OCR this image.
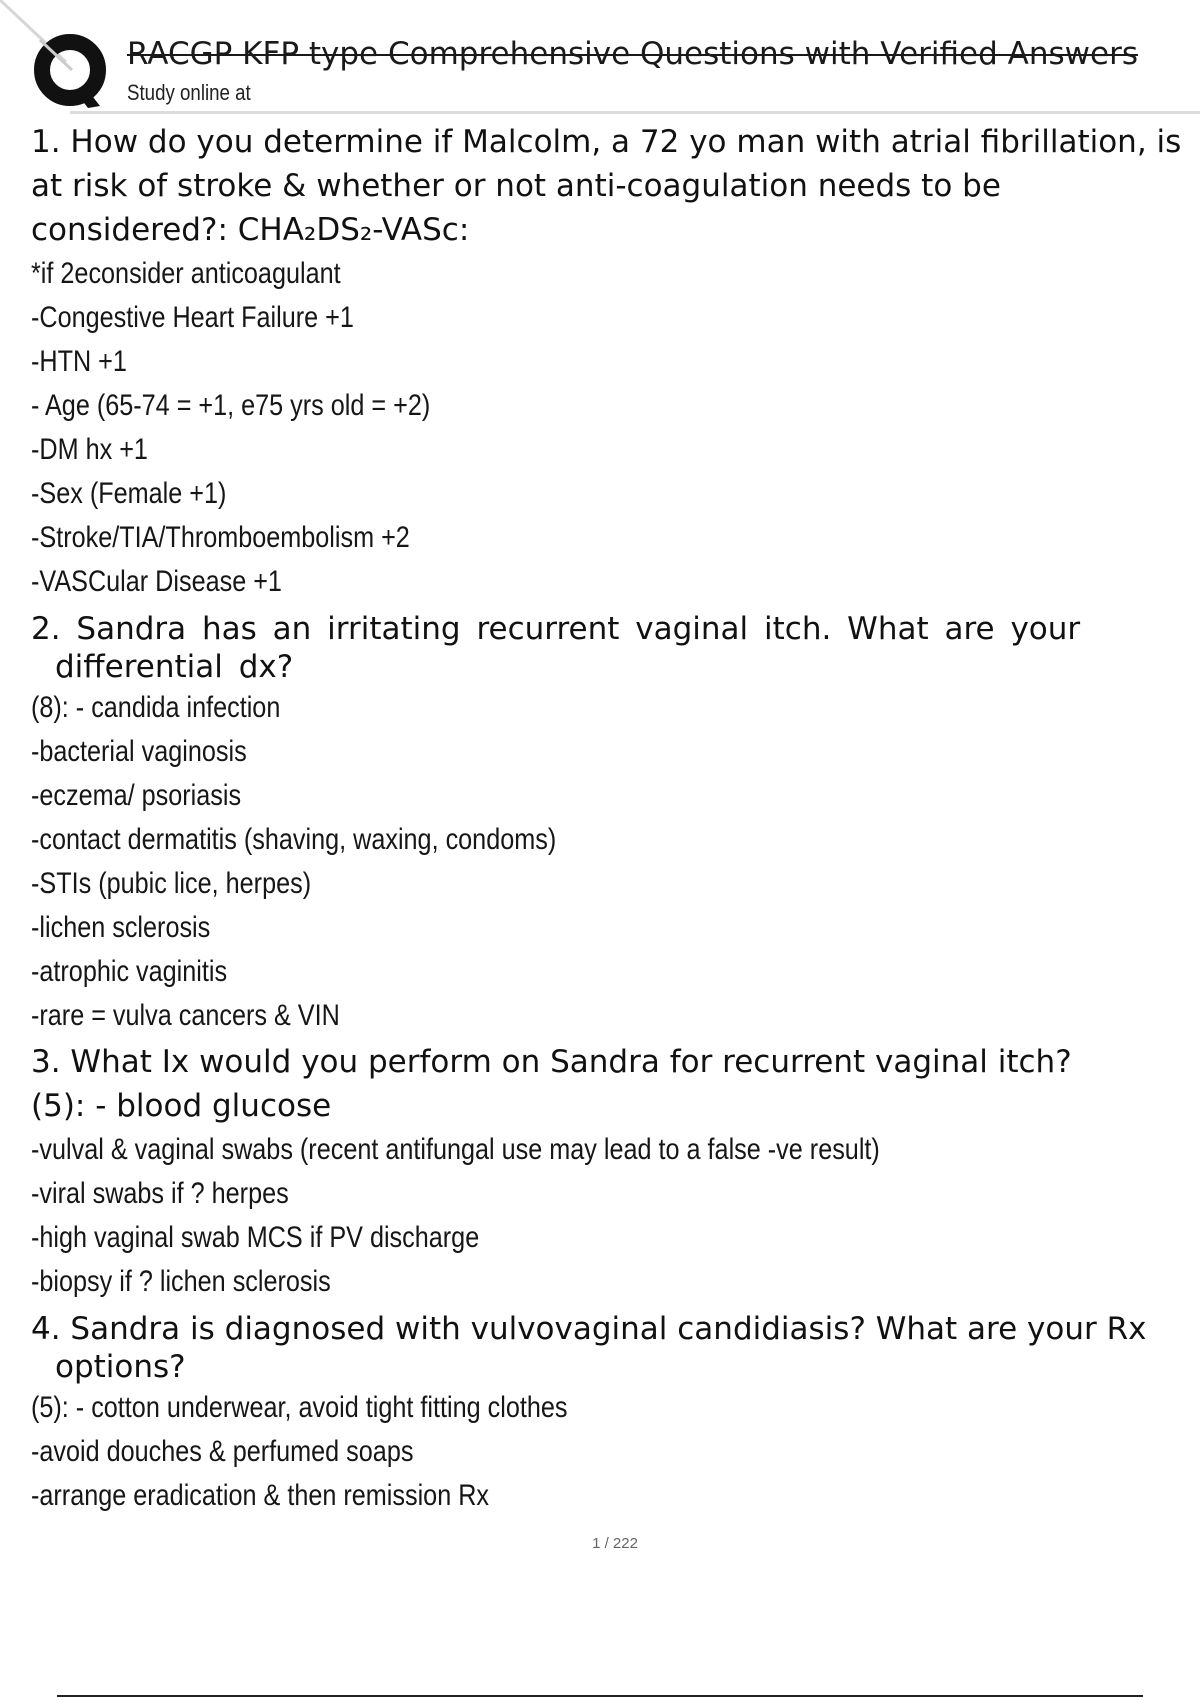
RACGP KFP type Comprehensive Questions with Verified Answers
Study online at
1. How do you determine if Malcolm, a 72 yo man with atrial fibrillation, is at risk of stroke & whether or not anti-coagulation needs to be considered?: CHA₂DS₂-VASc:
*if 2econsider anticoagulant
-Congestive Heart Failure +1
-HTN +1
- Age (65-74 = +1, e75 yrs old = +2)
-DM hx +1
-Sex (Female +1)
-Stroke/TIA/Thromboembolism +2
-VASCular Disease +1
2. Sandra has an irritating recurrent vaginal itch. What are your differential dx?
(8): - candida infection
-bacterial vaginosis
-eczema/ psoriasis
-contact dermatitis (shaving, waxing, condoms)
-STIs (pubic lice, herpes)
-lichen sclerosis
-atrophic vaginitis
-rare = vulva cancers & VIN
3. What Ix would you perform on Sandra for recurrent vaginal itch?
(5): - blood glucose
-vulval & vaginal swabs (recent antifungal use may lead to a false -ve result)
-viral swabs if ? herpes
-high vaginal swab MCS if PV discharge
-biopsy if ? lichen sclerosis
4. Sandra is diagnosed with vulvovaginal candidiasis? What are your Rx options?
(5): - cotton underwear, avoid tight fitting clothes
-avoid douches & perfumed soaps
-arrange eradication & then remission Rx
1 / 222
